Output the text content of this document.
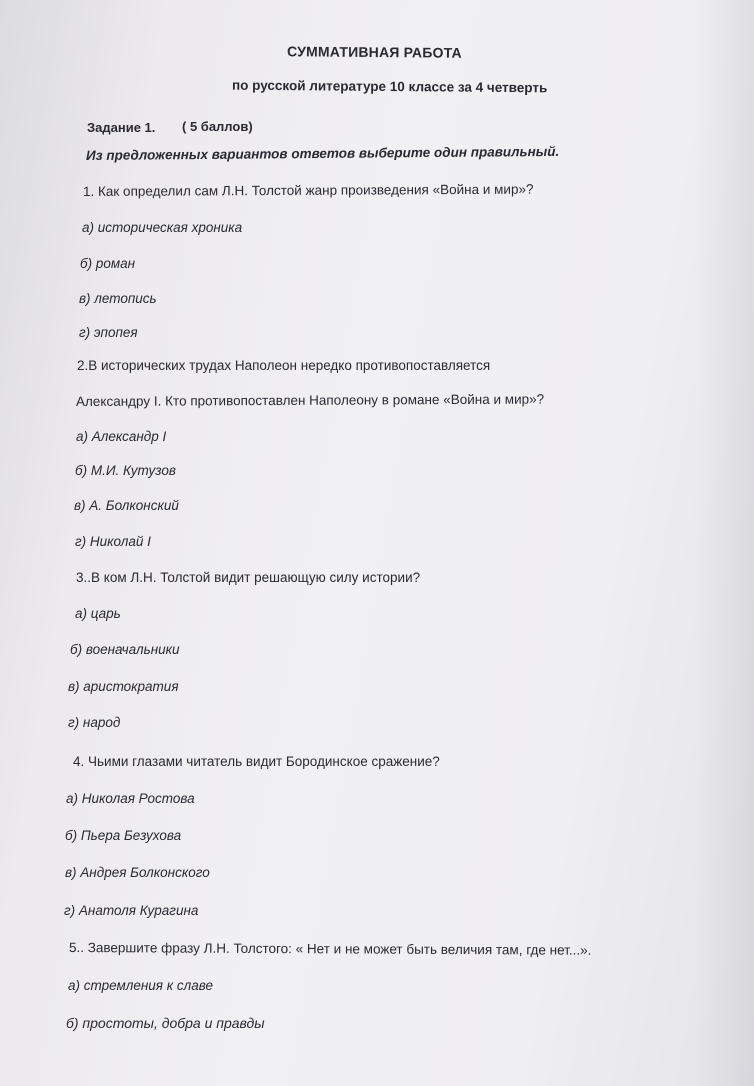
СУММАТИВНАЯ РАБОТА
по русской литературе 10 классе за 4 четверть
Задание 1. ( 5 баллов)
Из предложенных вариантов ответов выберите один правильный.
1. Как определил сам Л.Н. Толстой жанр произведения «Война и мир»?
а) историческая хроника
б) роман
в) летопись
г) эпопея
2.В исторических трудах Наполеон нередко противопоставляется
Александру I. Кто противопоставлен Наполеону в романе «Война и мир»?
а) Александр I
б) М.И. Кутузов
в) А. Болконский
г) Николай I
3..В ком Л.Н. Толстой видит решающую силу истории?
а) царь
б) военачальники
в) аристократия
г) народ
4. Чьими глазами читатель видит Бородинское сражение?
а) Николая Ростова
б) Пьера Безухова
в) Андрея Болконского
г) Анатоля Курагина
5.. Завершите фразу Л.Н. Толстого: « Нет и не может быть величия там, где нет...».
а) стремления к славе
б) простоты, добра и правды
